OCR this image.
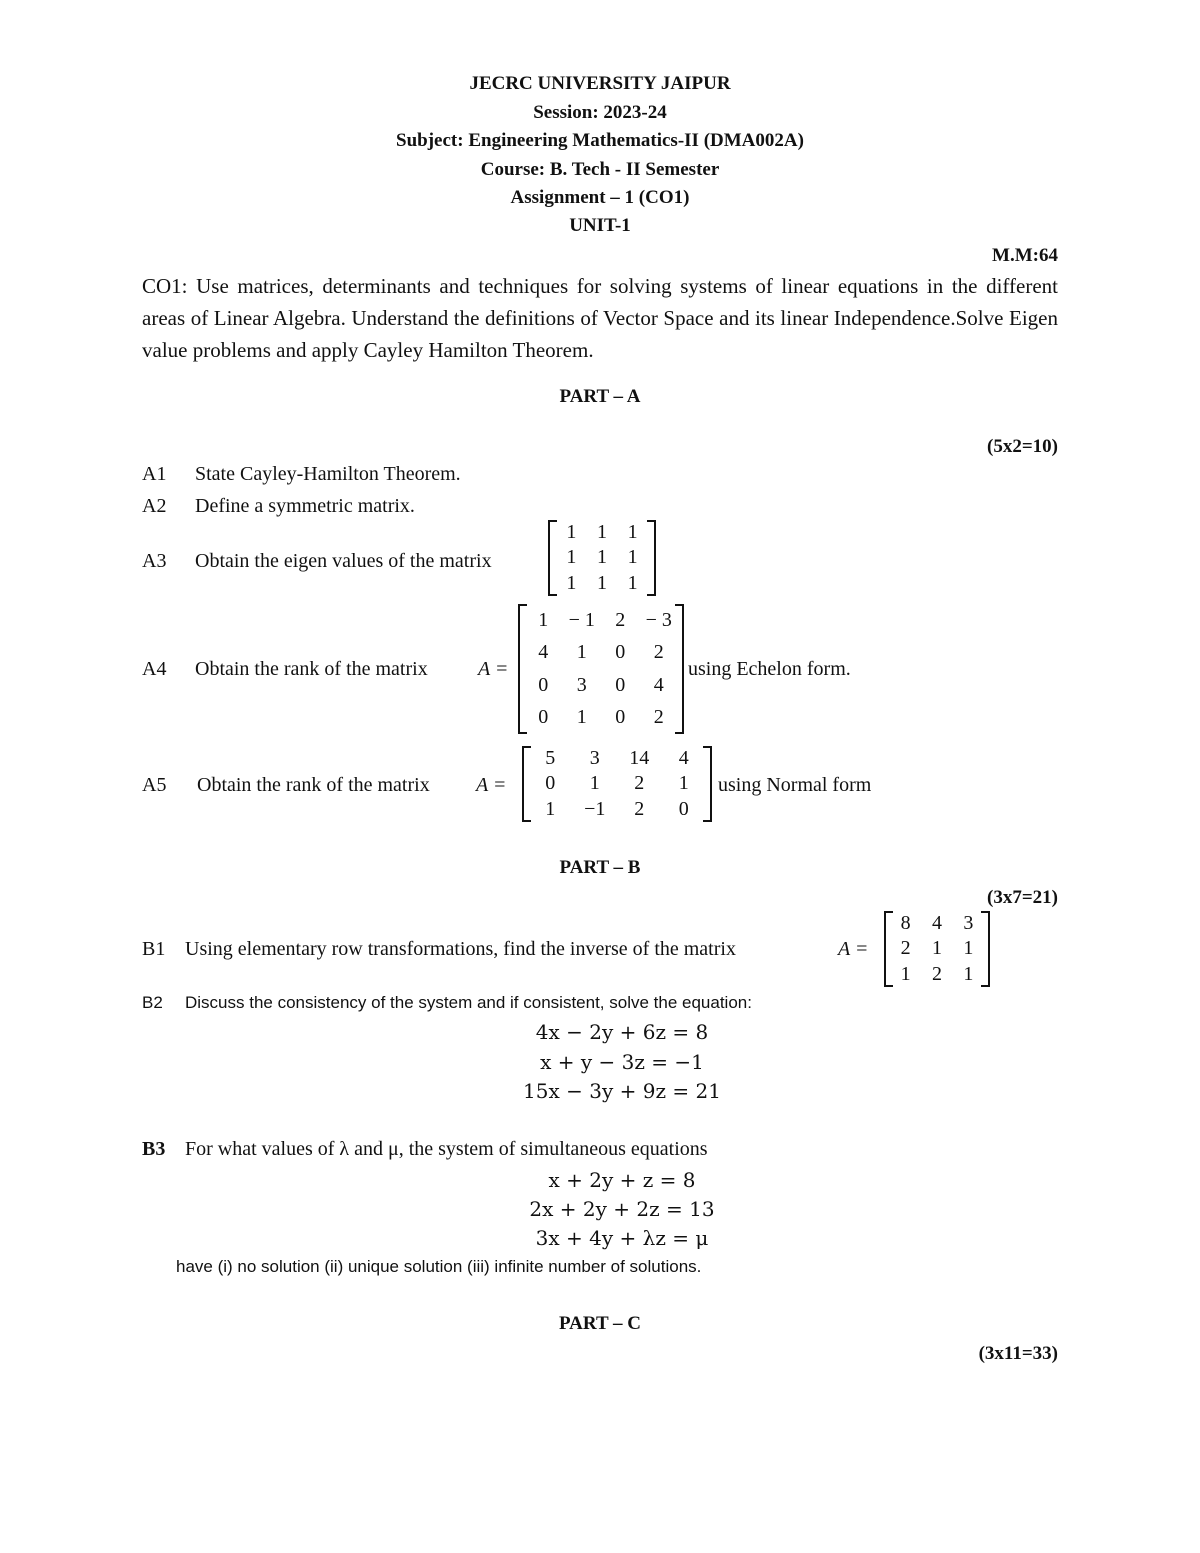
JECRC UNIVERSITY JAIPUR
Session: 2023-24
Subject: Engineering Mathematics-II (DMA002A)
Course: B. Tech - II Semester
Assignment – 1 (CO1)
UNIT-1
M.M:64
CO1: Use matrices, determinants and techniques for solving systems of linear equations in the different areas of Linear Algebra. Understand the definitions of Vector Space and its linear Independence.Solve Eigen value problems and apply Cayley Hamilton Theorem.
PART – A
(5x2=10)
A1 State Cayley-Hamilton Theorem.
A2 Define a symmetric matrix.
A3 Obtain the eigen values of the matrix
1	1	1
1	1	1
1	1	1
A4 Obtain the rank of the matrix	A =
1	− 1	2	− 3
4	1	0	2
0	3	0	4
0	1	0	2
using Echelon form.
A5 Obtain the rank of the matrix A =
5	3	14	4
0	1	2	1
1	−1	2	0
using Normal form
PART – B
(3x7=21)
B1 Using elementary row transformations, find the inverse of the matrix	A =
8	4	3
2	1	1
1	2	1
B2 Discuss the consistency of the system and if consistent, solve the equation:
4x − 2y + 6z = 8
x + y − 3z = −1
15x − 3y + 9z = 21
B3 For what values of λ and μ, the system of simultaneous equations
x + 2y + z = 8
2x + 2y + 2z = 13
3x + 4y + λz = μ
have (i) no solution (ii) unique solution (iii) infinite number of solutions.
PART – C
(3x11=33)
